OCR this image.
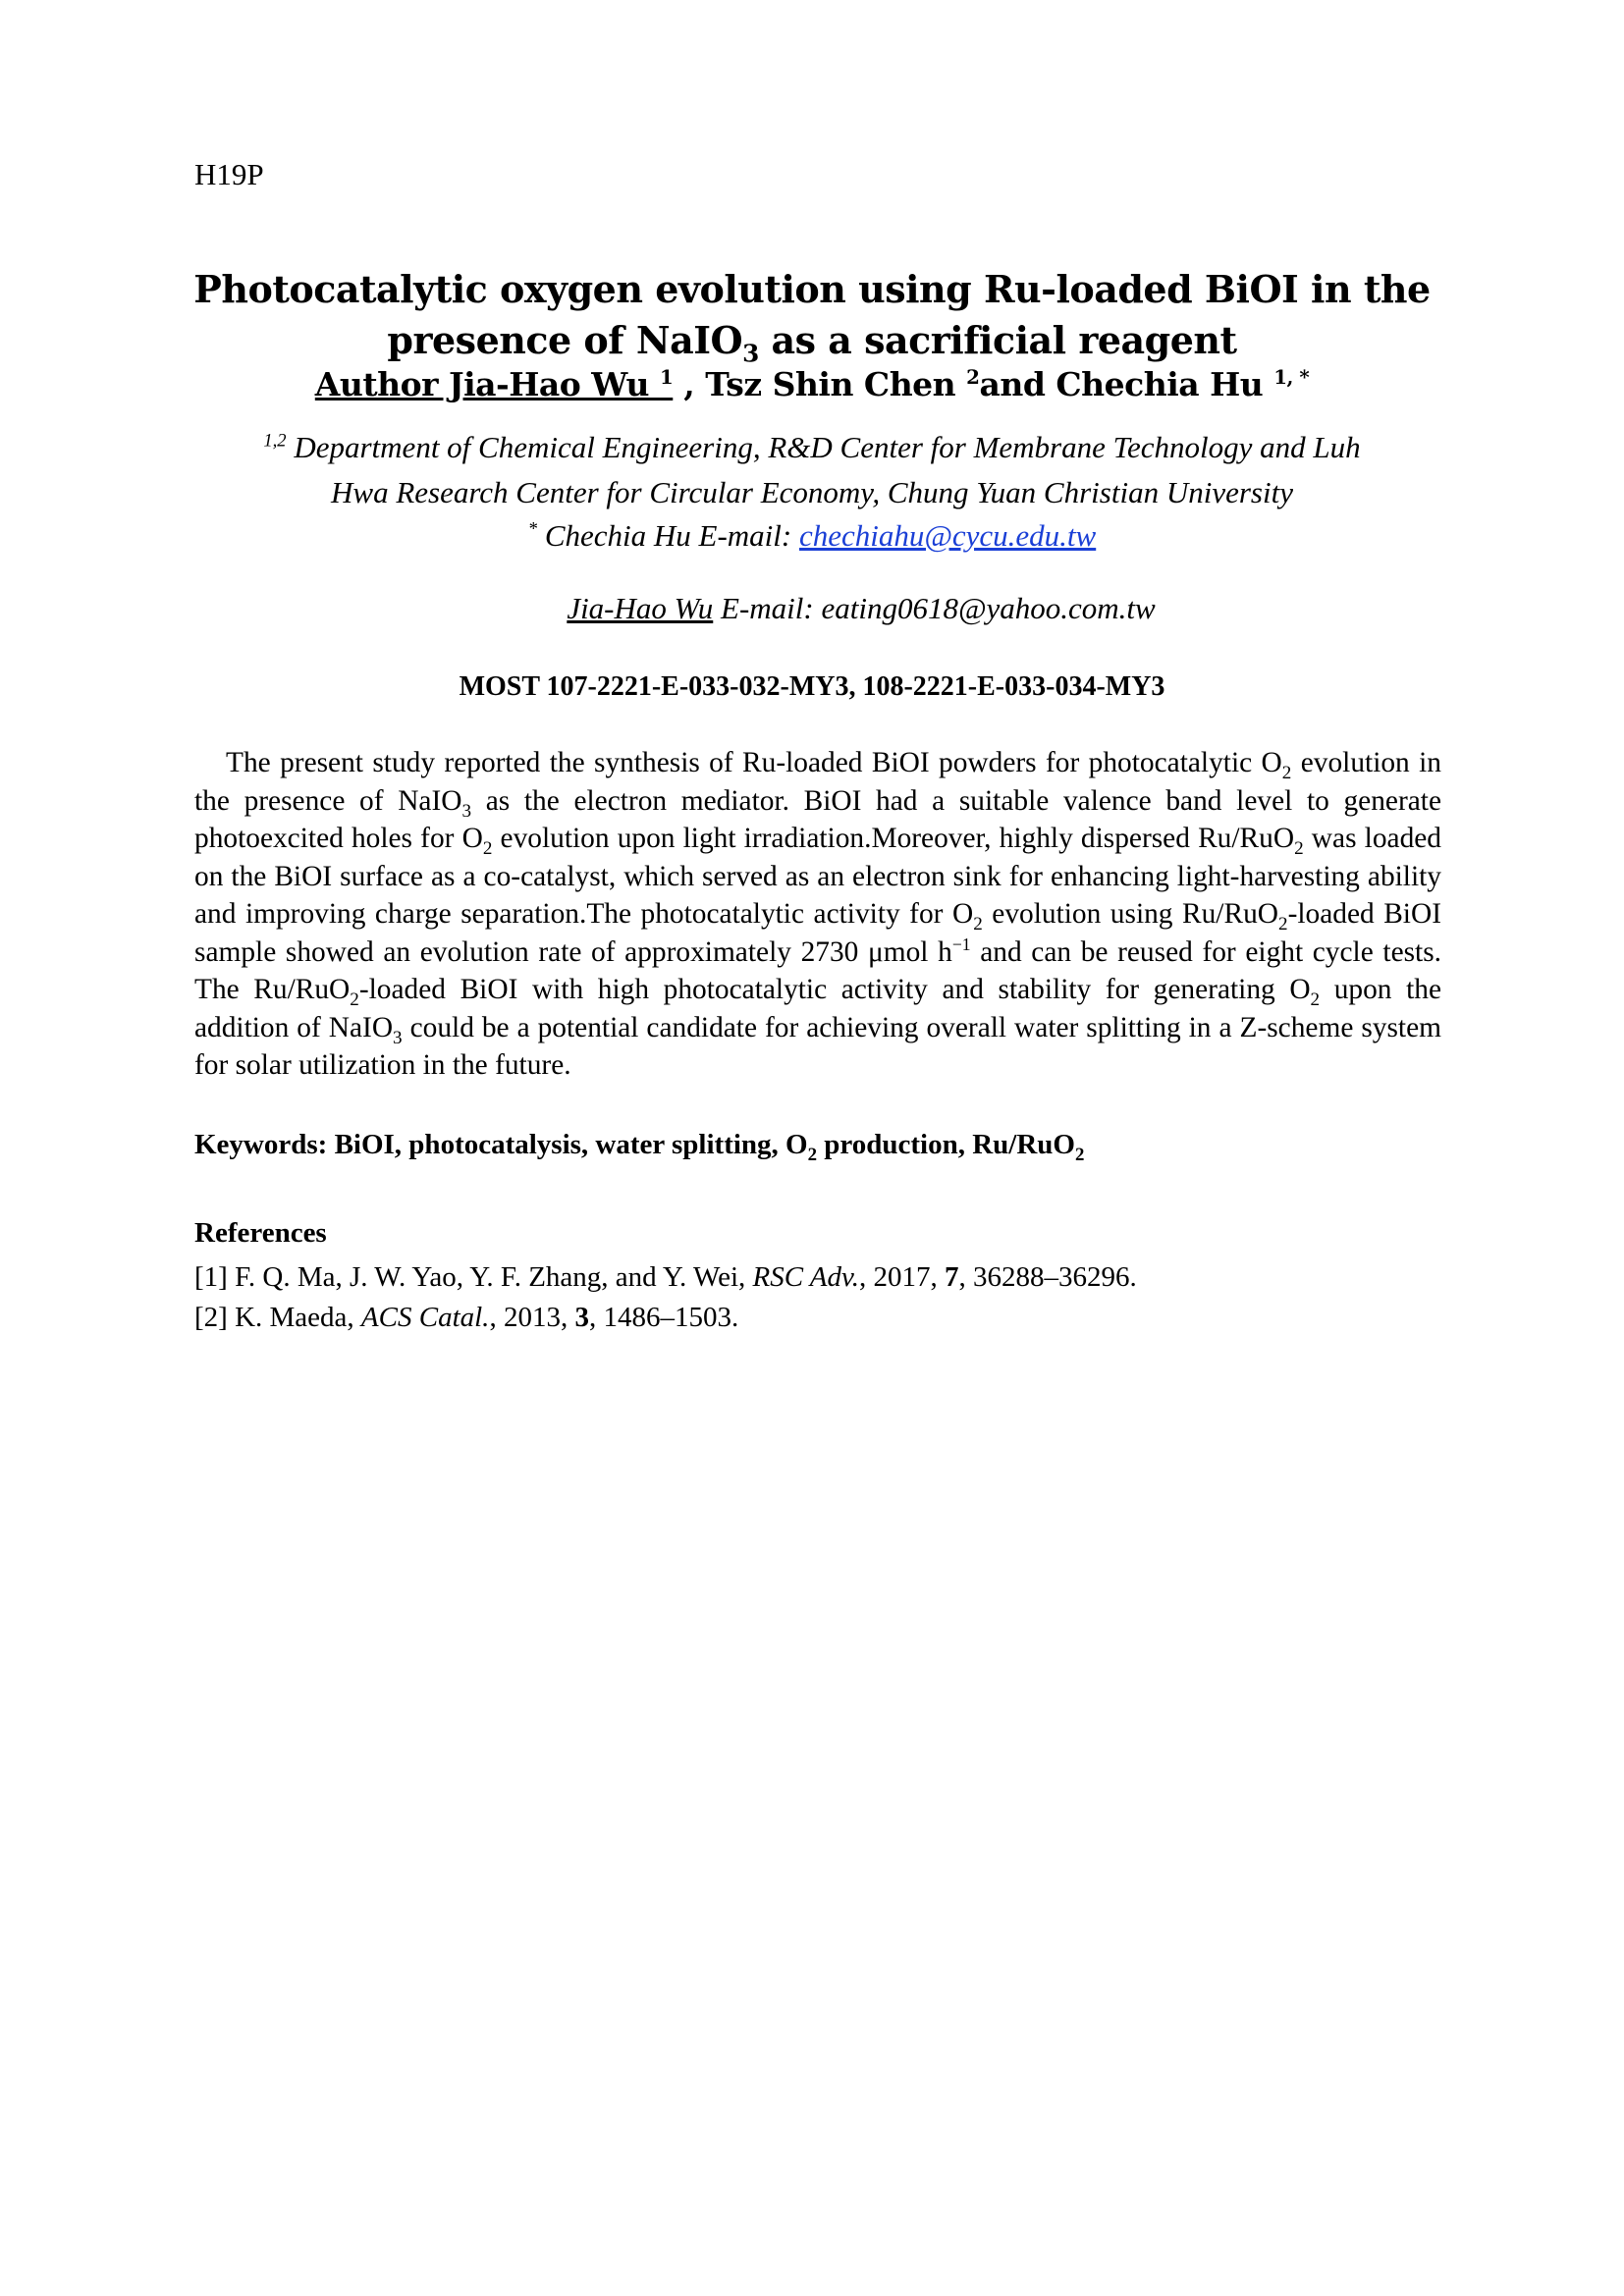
H19P

Photocatalytic oxygen evolution using Ru-loaded BiOI in the

presence of NaIO$_3$ as a sacrificial reagent

Author Jia-Hao Wu $^1$ , Tsz Shin Chen $^2$and Chechia Hu $^{1, *}$

$^{1,2}$ Department of Chemical Engineering, R&D Center for Membrane Technology and Luh

Hwa Research Center for Circular Economy, Chung Yuan Christian University

* Chechia Hu E-mail: chechiahu@cycu.edu.tw

Jia-Hao Wu E-mail: eating0618@yahoo.com.tw

MOST 107-2221-E-033-032-MY3, 108-2221-E-033-034-MY3

The present study reported the synthesis of Ru-loaded BiOI powders for photocatalytic $O_2$ evolution in the presence of NaIO$_3$ as the electron mediator. BiOI had a suitable valence band level to generate photoexcited holes for $O_2$ evolution upon light irradiation.Moreover, highly dispersed Ru/RuO$_2$ was loaded on the BiOI surface as a co-catalyst, which served as an electron sink for enhancing light-harvesting ability and improving charge separation.The photocatalytic activity for $O_2$ evolution using Ru/RuO$_2$-loaded BiOI sample showed an evolution rate of approximately 2730 μmol $h^{-1}$ and can be reused for eight cycle tests. The Ru/RuO$_2$-loaded BiOI with high photocatalytic activity and stability for generating $O_2$ upon the addition of NaIO$_3$ could be a potential candidate for achieving overall water splitting in a Z-scheme system for solar utilization in the future.

Keywords: BiOI, photocatalysis, water splitting, $O_2$ production, Ru/RuO$_2$
References
[1] F. Q. Ma, J. W. Yao, Y. F. Zhang, and Y. Wei, RSC Adv., 2017, 7, 36288–36296.
[2] K. Maeda, ACS Catal., 2013, 3, 1486–1503.
